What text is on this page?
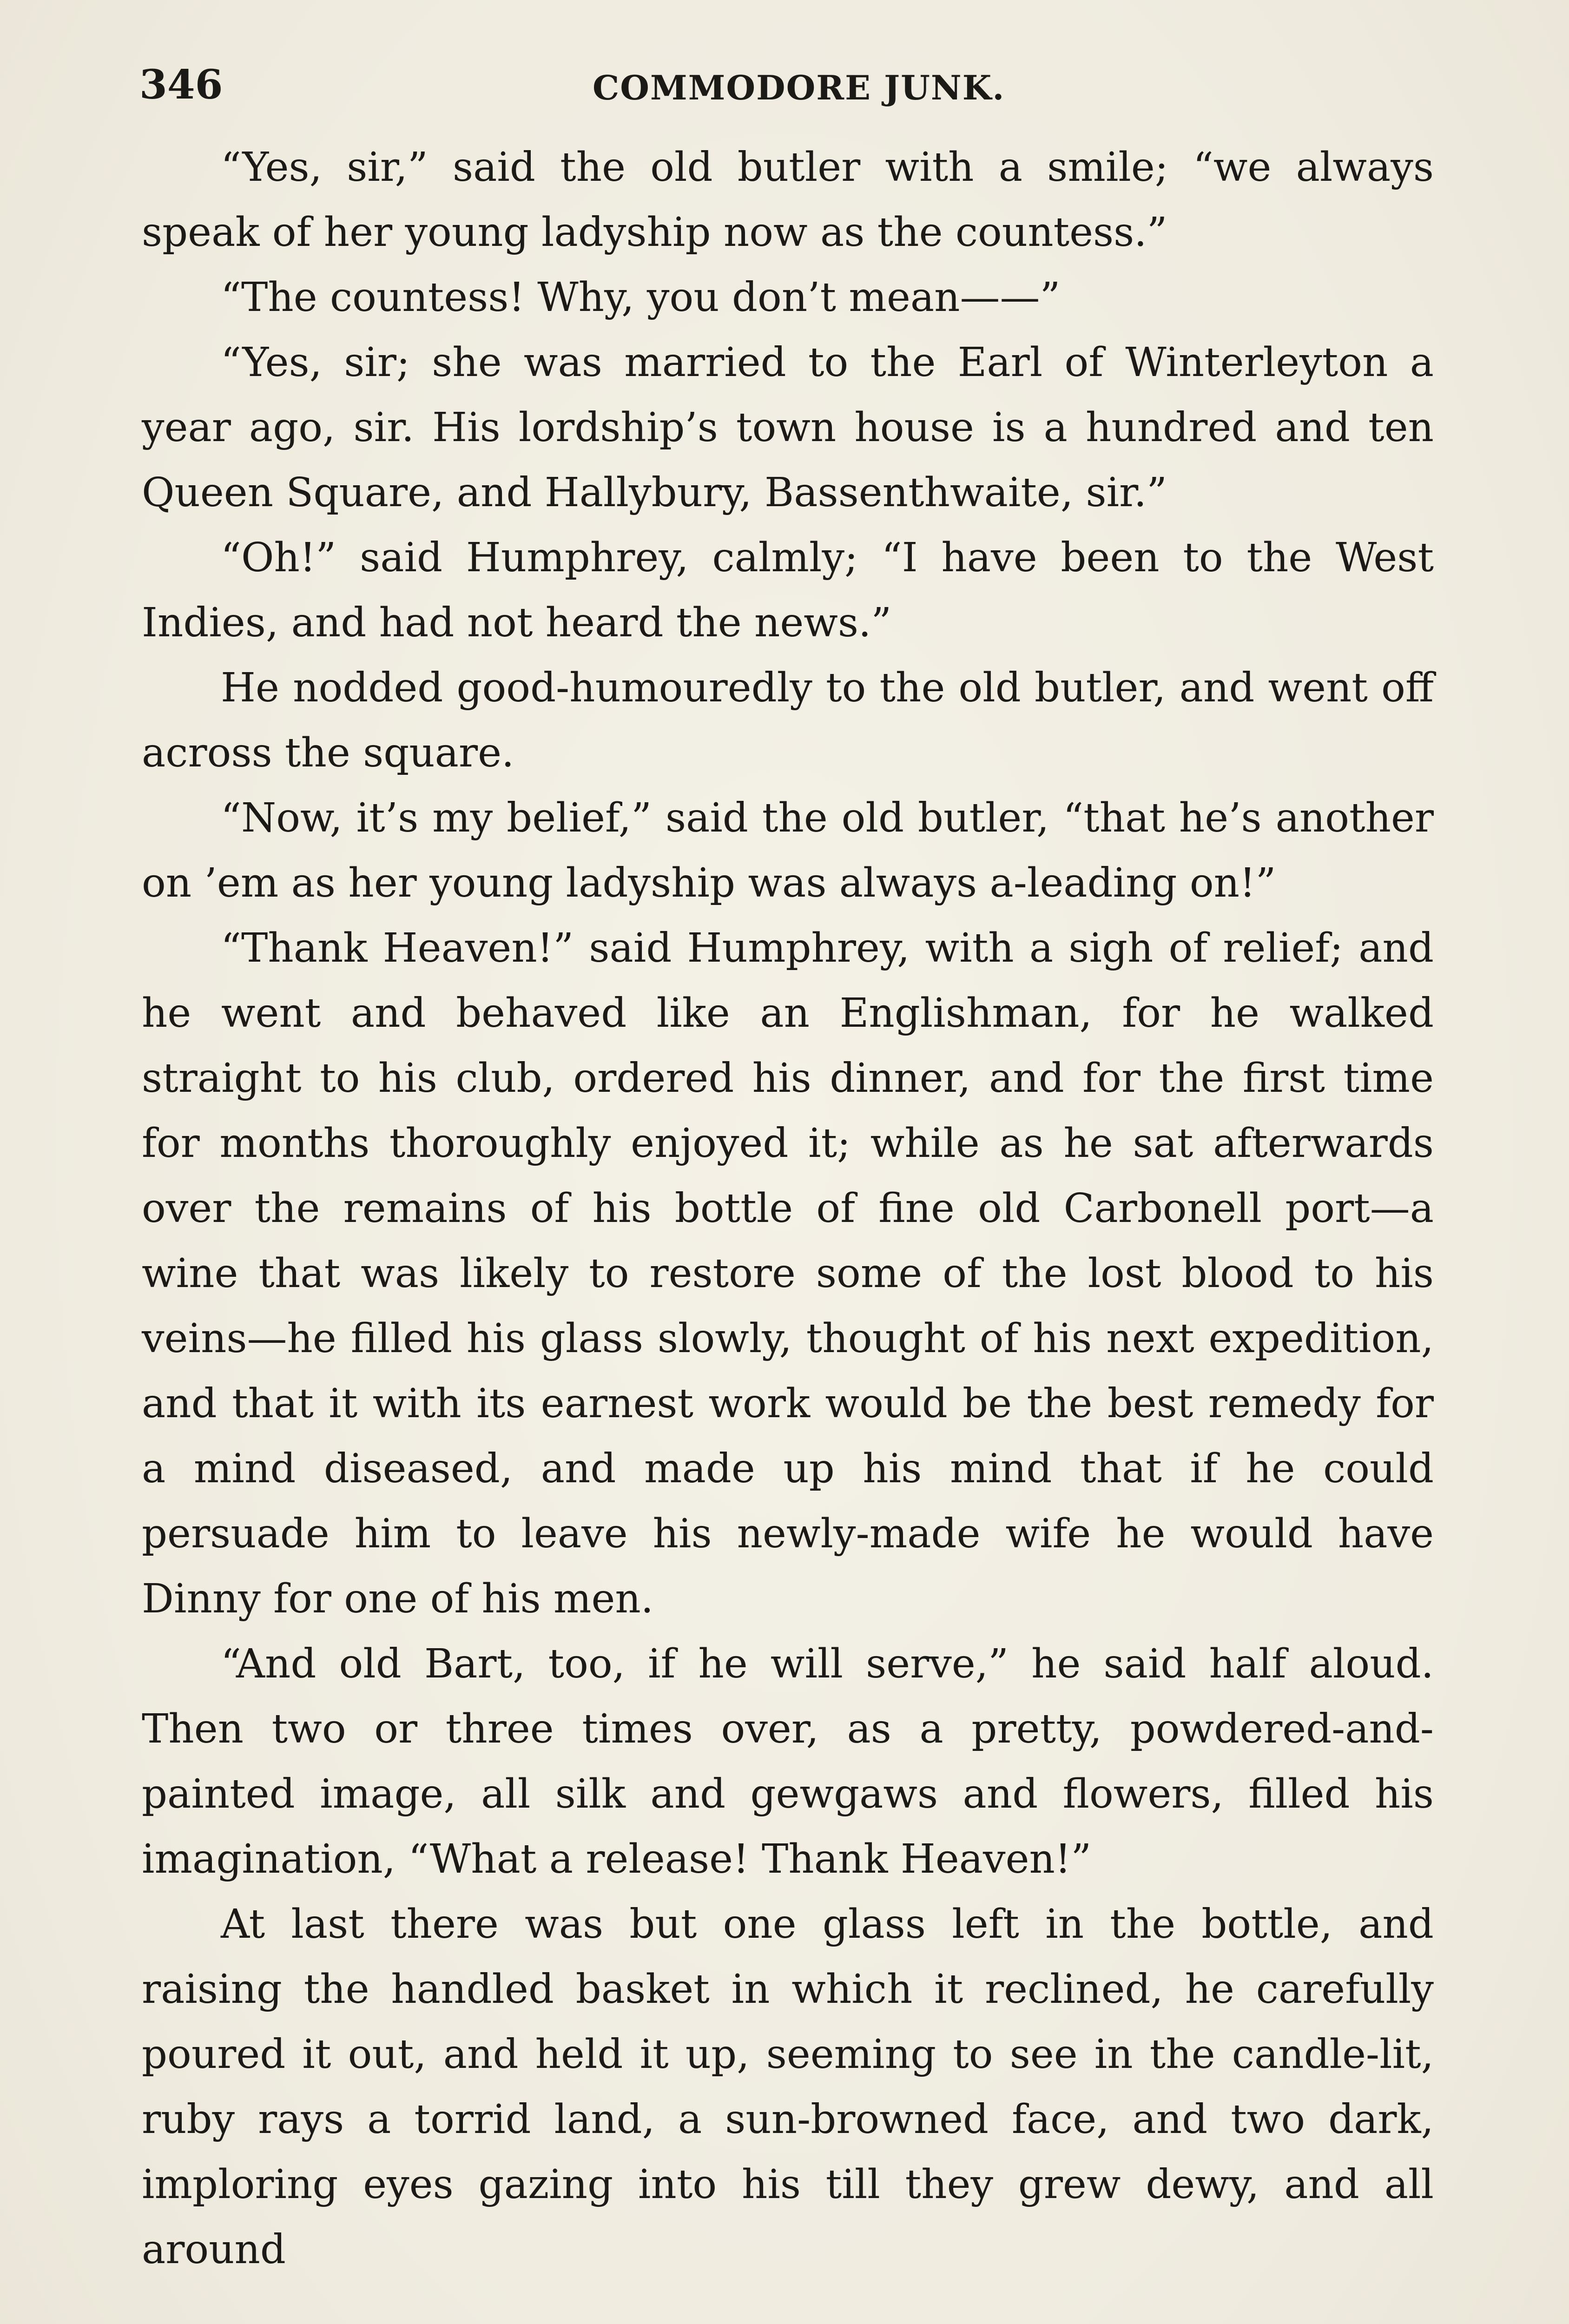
346	COMMODORE JUNK.

“Yes, sir,” said the old butler with a smile; “we always speak of her young ladyship now as the countess.”

“The countess! Why, you don’t mean——”

“Yes, sir; she was married to the Earl of Winterleyton a year ago, sir. His lordship’s town house is a hundred and ten Queen Square, and Hallybury, Bassenthwaite, sir.”

“Oh!” said Humphrey, calmly; “I have been to the West Indies, and had not heard the news.”

He nodded good-humouredly to the old butler, and went off across the square.

“Now, it’s my belief,” said the old butler, “that he’s another on ’em as her young ladyship was always a-leading on!”

“Thank Heaven!” said Humphrey, with a sigh of relief; and he went and behaved like an Englishman, for he walked straight to his club, ordered his dinner, and for the first time for months thoroughly enjoyed it; while as he sat afterwards over the remains of his bottle of fine old Carbonell port—a wine that was likely to restore some of the lost blood to his veins—he filled his glass slowly, thought of his next expedition, and that it with its earnest work would be the best remedy for a mind diseased, and made up his mind that if he could persuade him to leave his newly-made wife he would have Dinny for one of his men.

“And old Bart, too, if he will serve,” he said half aloud. Then two or three times over, as a pretty, powdered-and-painted image, all silk and gewgaws and flowers, filled his imagination, “What a release! Thank Heaven!”

At last there was but one glass left in the bottle, and raising the handled basket in which it reclined, he carefully poured it out, and held it up, seeming to see in the candle-lit, ruby rays a torrid land, a sun-browned face, and two dark, imploring eyes gazing into his till they grew dewy, and all around
